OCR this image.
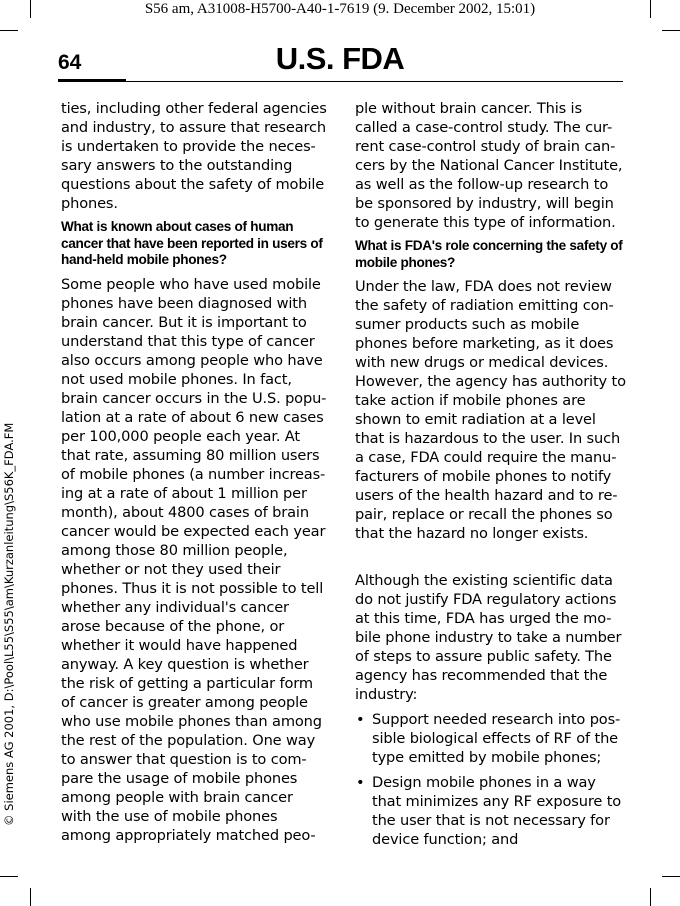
S56 am, A31008-H5700-A40-1-7619 (9. December 2002, 15:01)
64	U.S. FDA
© Siemens AG 2001, D:\Pool\L55\S55\am\Kurzanleitung\S56K_FDA.FM

ties, including other federal agencies and industry, to assure that research is undertaken to provide the neces-sary answers to the outstanding questions about the safety of mobile phones.

What is known about cases of human cancer that have been reported in users of hand-held mobile phones?

Some people who have used mobile phones have been diagnosed with brain cancer. But it is important to understand that this type of cancer also occurs among people who have not used mobile phones. In fact, brain cancer occurs in the U.S. popu-lation at a rate of about 6 new cases per 100,000 people each year. At that rate, assuming 80 million users of mobile phones (a number increas-ing at a rate of about 1 million per month), about 4800 cases of brain cancer would be expected each year among those 80 million people, whether or not they used their phones. Thus it is not possible to tell whether any individual's cancer arose because of the phone, or whether it would have happened anyway. A key question is whether the risk of getting a particular form of cancer is greater among people who use mobile phones than among the rest of the population. One way to answer that question is to com-pare the usage of mobile phones among people with brain cancer with the use of mobile phones among appropriately matched peo-

ple without brain cancer. This is called a case-control study. The cur-rent case-control study of brain can-cers by the National Cancer Institute, as well as the follow-up research to be sponsored by industry, will begin to generate this type of information.

What is FDA's role concerning the safety of mobile phones?

Under the law, FDA does not review the safety of radiation emitting con-sumer products such as mobile phones before marketing, as it does with new drugs or medical devices. However, the agency has authority to take action if mobile phones are shown to emit radiation at a level that is hazardous to the user. In such a case, FDA could require the manu-facturers of mobile phones to notify users of the health hazard and to re-pair, replace or recall the phones so that the hazard no longer exists.

Although the existing scientific data do not justify FDA regulatory actions at this time, FDA has urged the mo-bile phone industry to take a number of steps to assure public safety. The agency has recommended that the industry:

• Support needed research into pos-sible biological effects of RF of the type emitted by mobile phones;
• Design mobile phones in a way that minimizes any RF exposure to the user that is not necessary for device function; and
